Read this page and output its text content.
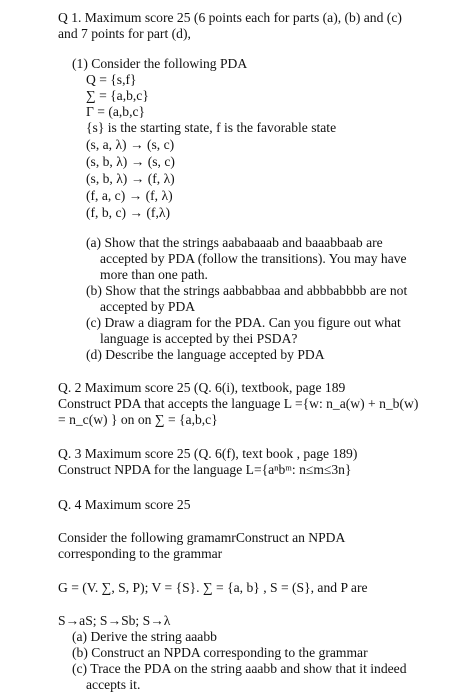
Q 1. Maximum score 25 (6 points each for parts (a), (b) and (c)
and 7 points for part (d),
(1) Consider the following PDA
Q = {s,f}
∑ = {a,b,c}
Γ = (a,b,c}
{s} is the starting state, f is the favorable state
(s, a, λ) → (s, c)
(s, b, λ) → (s, c)
(s, b, λ) → (f, λ)
(f, a, c) → (f, λ)
(f, b, c) → (f,λ)
(a) Show that the strings aababaaab and baaabbaab are
accepted by PDA (follow the transitions). You may have
more than one path.
(b) Show that the strings aabbabbaa and abbbabbbb are not
accepted by PDA
(c) Draw a diagram for the PDA. Can you figure out what
language is accepted by thei PSDA?
(d) Describe the language accepted by PDA
Q. 2 Maximum score 25 (Q. 6(i), textbook, page 189
Construct PDA that accepts the language L ={w: n_a(w) + n_b(w)
= n_c(w) } on on ∑ = {a,b,c}
Q. 3 Maximum score 25 (Q. 6(f), text book , page 189)
Construct NPDA for the language L={aⁿbᵐ: n≤m≤3n}
Q. 4 Maximum score 25
Consider the following gramamrConstruct an NPDA
corresponding to the grammar
G = (V. ∑, S, P); V = {S}. ∑ = {a, b} , S = (S}, and P are
S→aS; S→Sb; S→λ
(a) Derive the string aaabb
(b) Construct an NPDA corresponding to the grammar
(c) Trace the PDA on the string aaabb and show that it indeed
accepts it.
